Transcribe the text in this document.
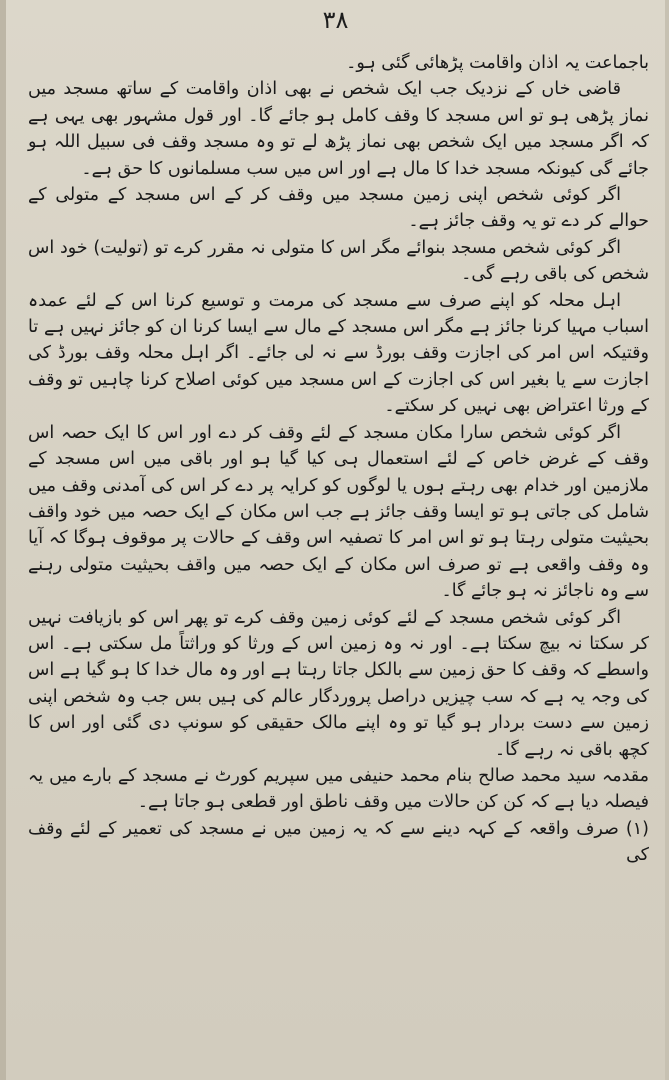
٣٨

باجماعت یہ اذان واقامت پڑھائی گئی ہو۔

قاضی خاں کے نزدیک جب ایک شخص نے بھی اذان واقامت کے ساتھ مسجد میں نماز پڑھی ہو تو اس مسجد کا وقف کامل ہو جائے گا۔ اور قول مشہور بھی یہی ہے کہ اگر مسجد میں ایک شخص بھی نماز پڑھ لے تو وہ مسجد وقف فی سبیل اللہ ہو جائے گی کیونکہ مسجد خدا کا مال ہے اور اس میں سب مسلمانوں کا حق ہے۔

اگر کوئی شخص اپنی زمین مسجد میں وقف کر کے اس مسجد کے متولی کے حوالے کر دے تو یہ وقف جائز ہے۔

اگر کوئی شخص مسجد بنوائے مگر اس کا متولی نہ مقرر کرے تو (تولیت) خود اس شخص کی باقی رہے گی۔

اہل محلہ کو اپنے صرف سے مسجد کی مرمت و توسیع کرنا اس کے لئے عمدہ اسباب مہیا کرنا جائز ہے مگر اس مسجد کے مال سے ایسا کرنا ان کو جائز نہیں ہے تا وقتیکہ اس امر کی اجازت وقف بورڈ سے نہ لی جائے۔ اگر اہل محلہ وقف بورڈ کی اجازت سے یا بغیر اس کی اجازت کے اس مسجد میں کوئی اصلاح کرنا چاہیں تو وقف کے ورثا اعتراض بھی نہیں کر سکتے۔

اگر کوئی شخص سارا مکان مسجد کے لئے وقف کر دے اور اس کا ایک حصہ اس وقف کے غرض خاص کے لئے استعمال ہی کیا گیا ہو اور باقی میں اس مسجد کے ملازمین اور خدام بھی رہتے ہوں یا لوگوں کو کرایہ پر دے کر اس کی آمدنی وقف میں شامل کی جاتی ہو تو ایسا وقف جائز ہے جب اس مکان کے ایک حصہ میں خود واقف بحیثیت متولی رہتا ہو تو اس امر کا تصفیہ اس وقف کے حالات پر موقوف ہوگا کہ آیا وہ وقف واقعی ہے تو صرف اس مکان کے ایک حصہ میں واقف بحیثیت متولی رہنے سے وہ ناجائز نہ ہو جائے گا۔

اگر کوئی شخص مسجد کے لئے کوئی زمین وقف کرے تو پھر اس کو بازیافت نہیں کر سکتا نہ بیچ سکتا ہے۔ اور نہ وہ زمین اس کے ورثا کو وراثتاً مل سکتی ہے۔ اس واسطے کہ وقف کا حق زمین سے بالکل جاتا رہتا ہے اور وہ مال خدا کا ہو گیا ہے اس کی وجہ یہ ہے کہ سب چیزیں دراصل پروردگار عالم کی ہیں بس جب وہ شخص اپنی زمین سے دست بردار ہو گیا تو وہ اپنے مالک حقیقی کو سونپ دی گئی اور اس کا کچھ باقی نہ رہے گا۔

مقدمہ سید محمد صالح بنام محمد حنیفی میں سپریم کورٹ نے مسجد کے بارے میں یہ فیصلہ دیا ہے کہ کن کن حالات میں وقف ناطق اور قطعی ہو جاتا ہے۔

(۱) صرف واقعہ کے کہہ دینے سے کہ یہ زمین میں نے مسجد کی تعمیر کے لئے وقف کی
